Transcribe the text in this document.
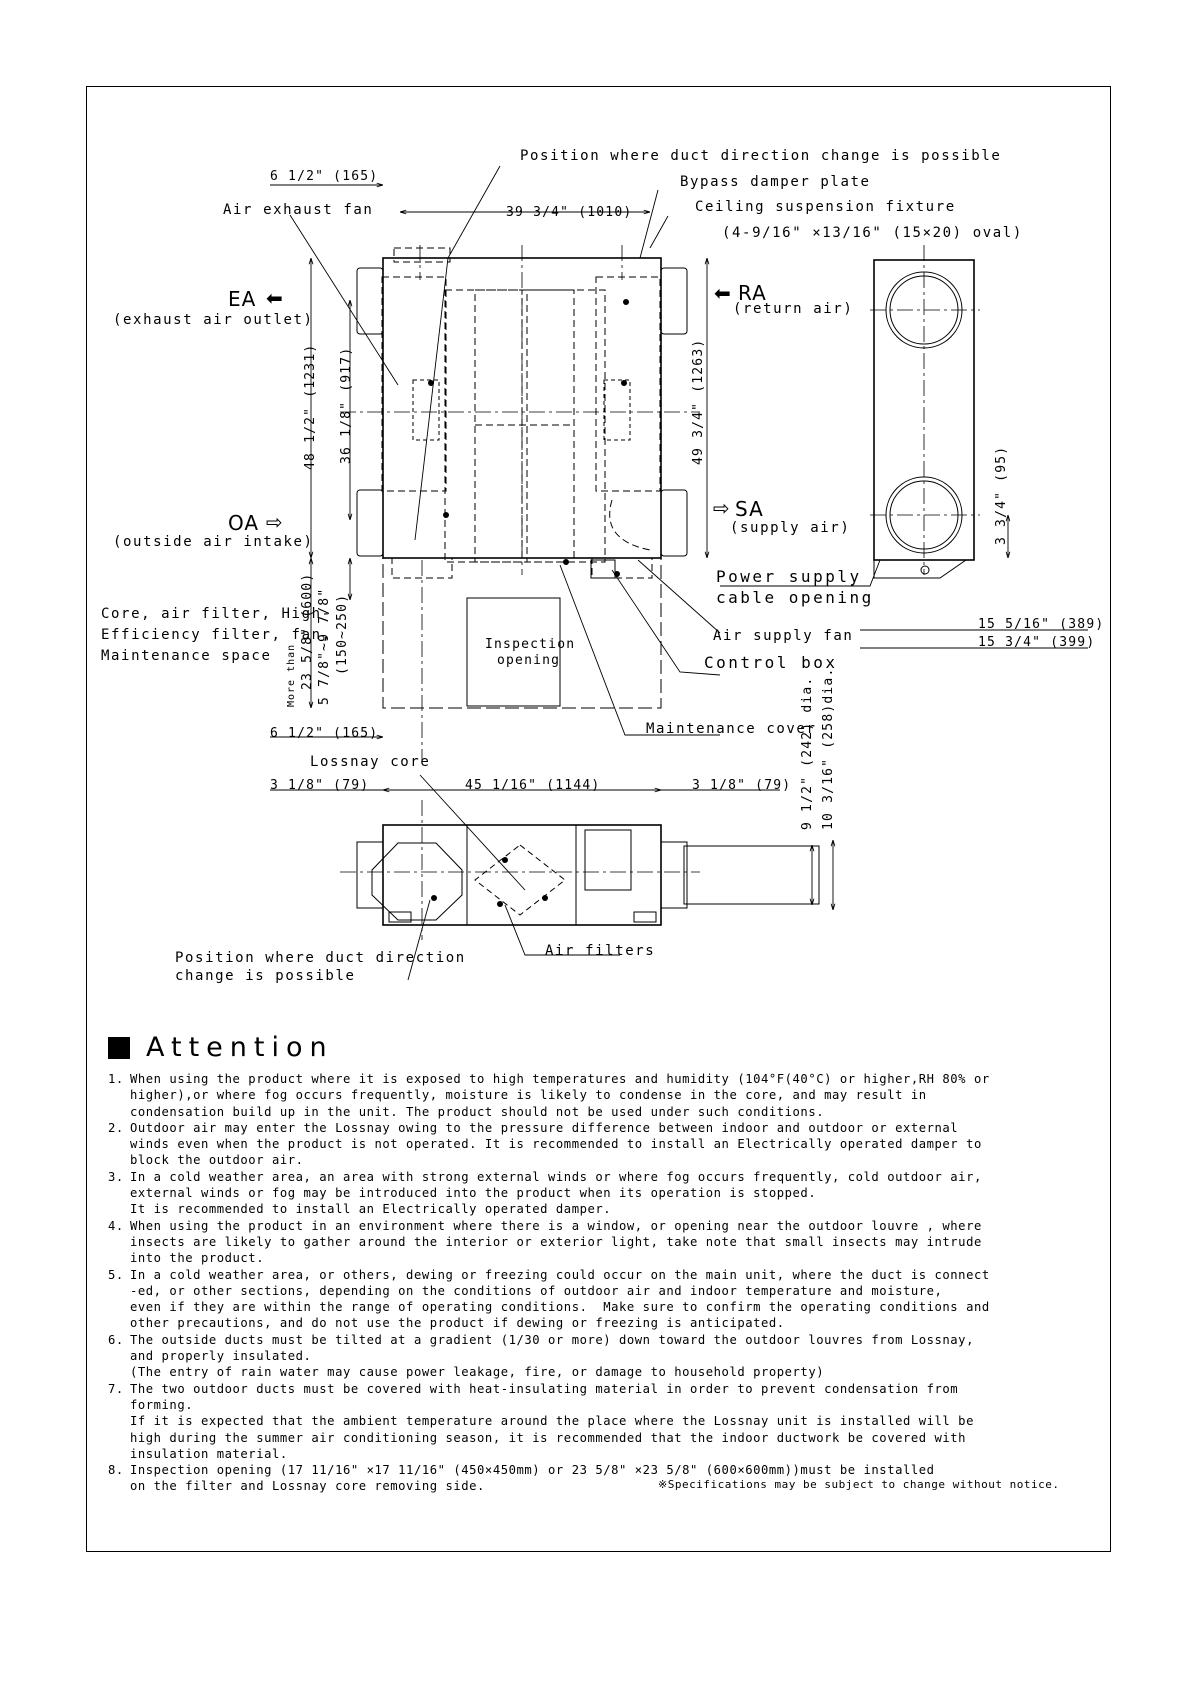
Position where duct direction change is possible
Bypass damper plate
Ceiling suspension fixture
(4-9/16" ×13/16" (15×20) oval)
6 1/2" (165)
Air exhaust fan	39 3/4" (1010)
EA ⬅
(exhaust air outlet)
⬅ RA
(return air)
OA ⇨
(outside air intake)
⇨ SA
(supply air)
Power supply
cable opening
Air supply fan
Control box
Core, air filter, High-
Efficiency filter, fan,
Maintenance space
Inspection
opening
Maintenance cover
6 1/2" (165)
Lossnay core
3 1/8" (79)	45 1/16" (1144)	3 1/8" (79)
Air filters
Position where duct direction
change is possible
15 5/16" (389)
15 3/4" (399)
48 1/2" (1231) 36 1/8" (917)	49 3/4" (1263)
3 3/4" (95)
More than 23 5/8" (600) 5 7/8"~9 7/8" (150~250)
9 1/2" (242) dia. 10 3/16" (258)dia.
Attention
1. When using the product where it is exposed to high temperatures and humidity (104°F(40°C) or higher,RH 80% or
higher),or where fog occurs frequently, moisture is likely to condense in the core, and may result in
condensation build up in the unit. The product should not be used under such conditions.
2. Outdoor air may enter the Lossnay owing to the pressure difference between indoor and outdoor or external
winds even when the product is not operated. It is recommended to install an Electrically operated damper to
block the outdoor air.
3. In a cold weather area, an area with strong external winds or where fog occurs frequently, cold outdoor air,
external winds or fog may be introduced into the product when its operation is stopped.
It is recommended to install an Electrically operated damper.
4. When using the product in an environment where there is a window, or opening near the outdoor louvre , where
insects are likely to gather around the interior or exterior light, take note that small insects may intrude
into the product.
5. In a cold weather area, or others, dewing or freezing could occur on the main unit, where the duct is connect
-ed, or other sections, depending on the conditions of outdoor air and indoor temperature and moisture,
even if they are within the range of operating conditions.  Make sure to confirm the operating conditions and
other precautions, and do not use the product if dewing or freezing is anticipated.
6. The outside ducts must be tilted at a gradient (1/30 or more) down toward the outdoor louvres from Lossnay,
and properly insulated.
(The entry of rain water may cause power leakage, fire, or damage to household property)
7. The two outdoor ducts must be covered with heat-insulating material in order to prevent condensation from
forming.
If it is expected that the ambient temperature around the place where the Lossnay unit is installed will be
high during the summer air conditioning season, it is recommended that the indoor ductwork be covered with
insulation material.
8. Inspection opening (17 11/16" ×17 11/16" (450×450mm) or 23 5/8" ×23 5/8" (600×600mm))must be installed
on the filter and Lossnay core removing side.	※Specifications may be subject to change without notice.
